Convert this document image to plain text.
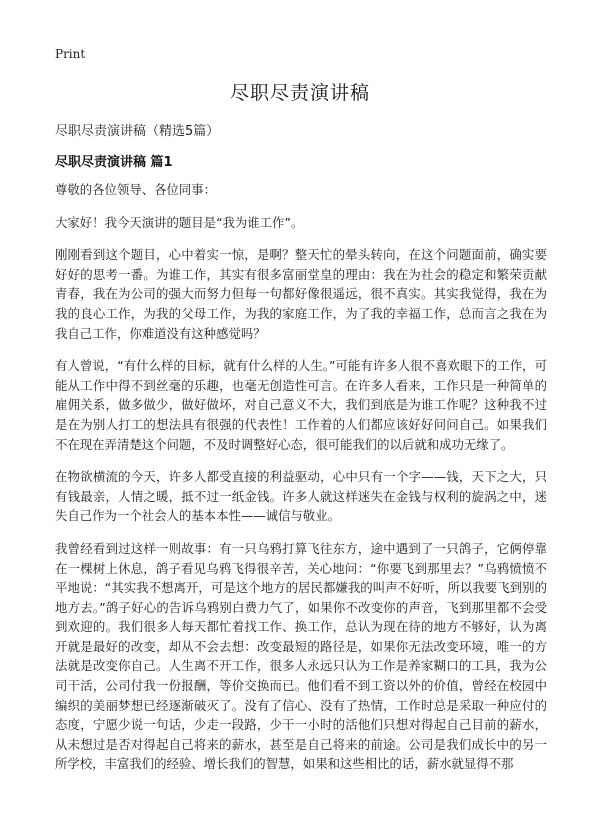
Print
尽职尽责演讲稿
尽职尽责演讲稿（精选5篇）
尽职尽责演讲稿 篇1

尊敬的各位领导、各位同事：

大家好！我今天演讲的题目是“我为谁工作”。

刚刚看到这个题目，心中着实一惊，是啊？整天忙的晕头转向，在这个问题面前，确实要好好的思考一番。为谁工作，其实有很多富丽堂皇的理由：我在为社会的稳定和繁荣贡献青春，我在为公司的强大而努力但每一句都好像很遥远，很不真实。其实我觉得，我在为我的良心工作，为我的父母工作，为我的家庭工作，为了我的幸福工作，总而言之我在为我自己工作，你难道没有这种感觉吗？

有人曾说，“有什么样的目标，就有什么样的人生。”可能有许多人很不喜欢眼下的工作，可能从工作中得不到丝毫的乐趣，也毫无创造性可言。在许多人看来，工作只是一种简单的雇佣关系，做多做少，做好做坏，对自己意义不大，我们到底是为谁工作呢？这种我不过是在为别人打工的想法具有很强的代表性！工作着的人们都应该好好问问自己。如果我们不在现在弄清楚这个问题，不及时调整好心态，很可能我们的以后就和成功无缘了。

在物欲横流的今天，许多人都受直接的利益驱动，心中只有一个字——钱，天下之大，只有钱最亲，人情之暖，抵不过一纸金钱。许多人就这样迷失在金钱与权利的旋涡之中，迷失自己作为一个社会人的基本本性——诚信与敬业。

我曾经看到过这样一则故事：有一只乌鸦打算飞往东方，途中遇到了一只鸽子，它俩停靠在一棵树上休息，鸽子看见乌鸦飞得很辛苦，关心地问：“你要飞到那里去？”乌鸦愤愤不平地说：“其实我不想离开，可是这个地方的居民都嫌我的叫声不好听，所以我要飞到别的地方去。”鸽子好心的告诉乌鸦别白费力气了，如果你不改变你的声音，飞到那里都不会受到欢迎的。我们很多人每天都忙着找工作、换工作，总认为现在待的地方不够好，认为离开就是最好的改变，却从不会去想：改变最短的路径是，如果你无法改变环境，唯一的方法就是改变你自己。人生离不开工作，很多人永远只认为工作是养家糊口的工具，我为公司干活，公司付我一份报酬，等价交换而已。他们看不到工资以外的价值，曾经在校园中编织的美丽梦想已经逐渐破灭了。没有了信心、没有了热情，工作时总是采取一种应付的态度，宁愿少说一句话，少走一段路，少干一小时的活他们只想对得起自己目前的薪水，从未想过是否对得起自己将来的薪水，甚至是自己将来的前途。公司是我们成长中的另一所学校，丰富我们的经验、增长我们的智慧，如果和这些相比的话，薪水就显得不那
